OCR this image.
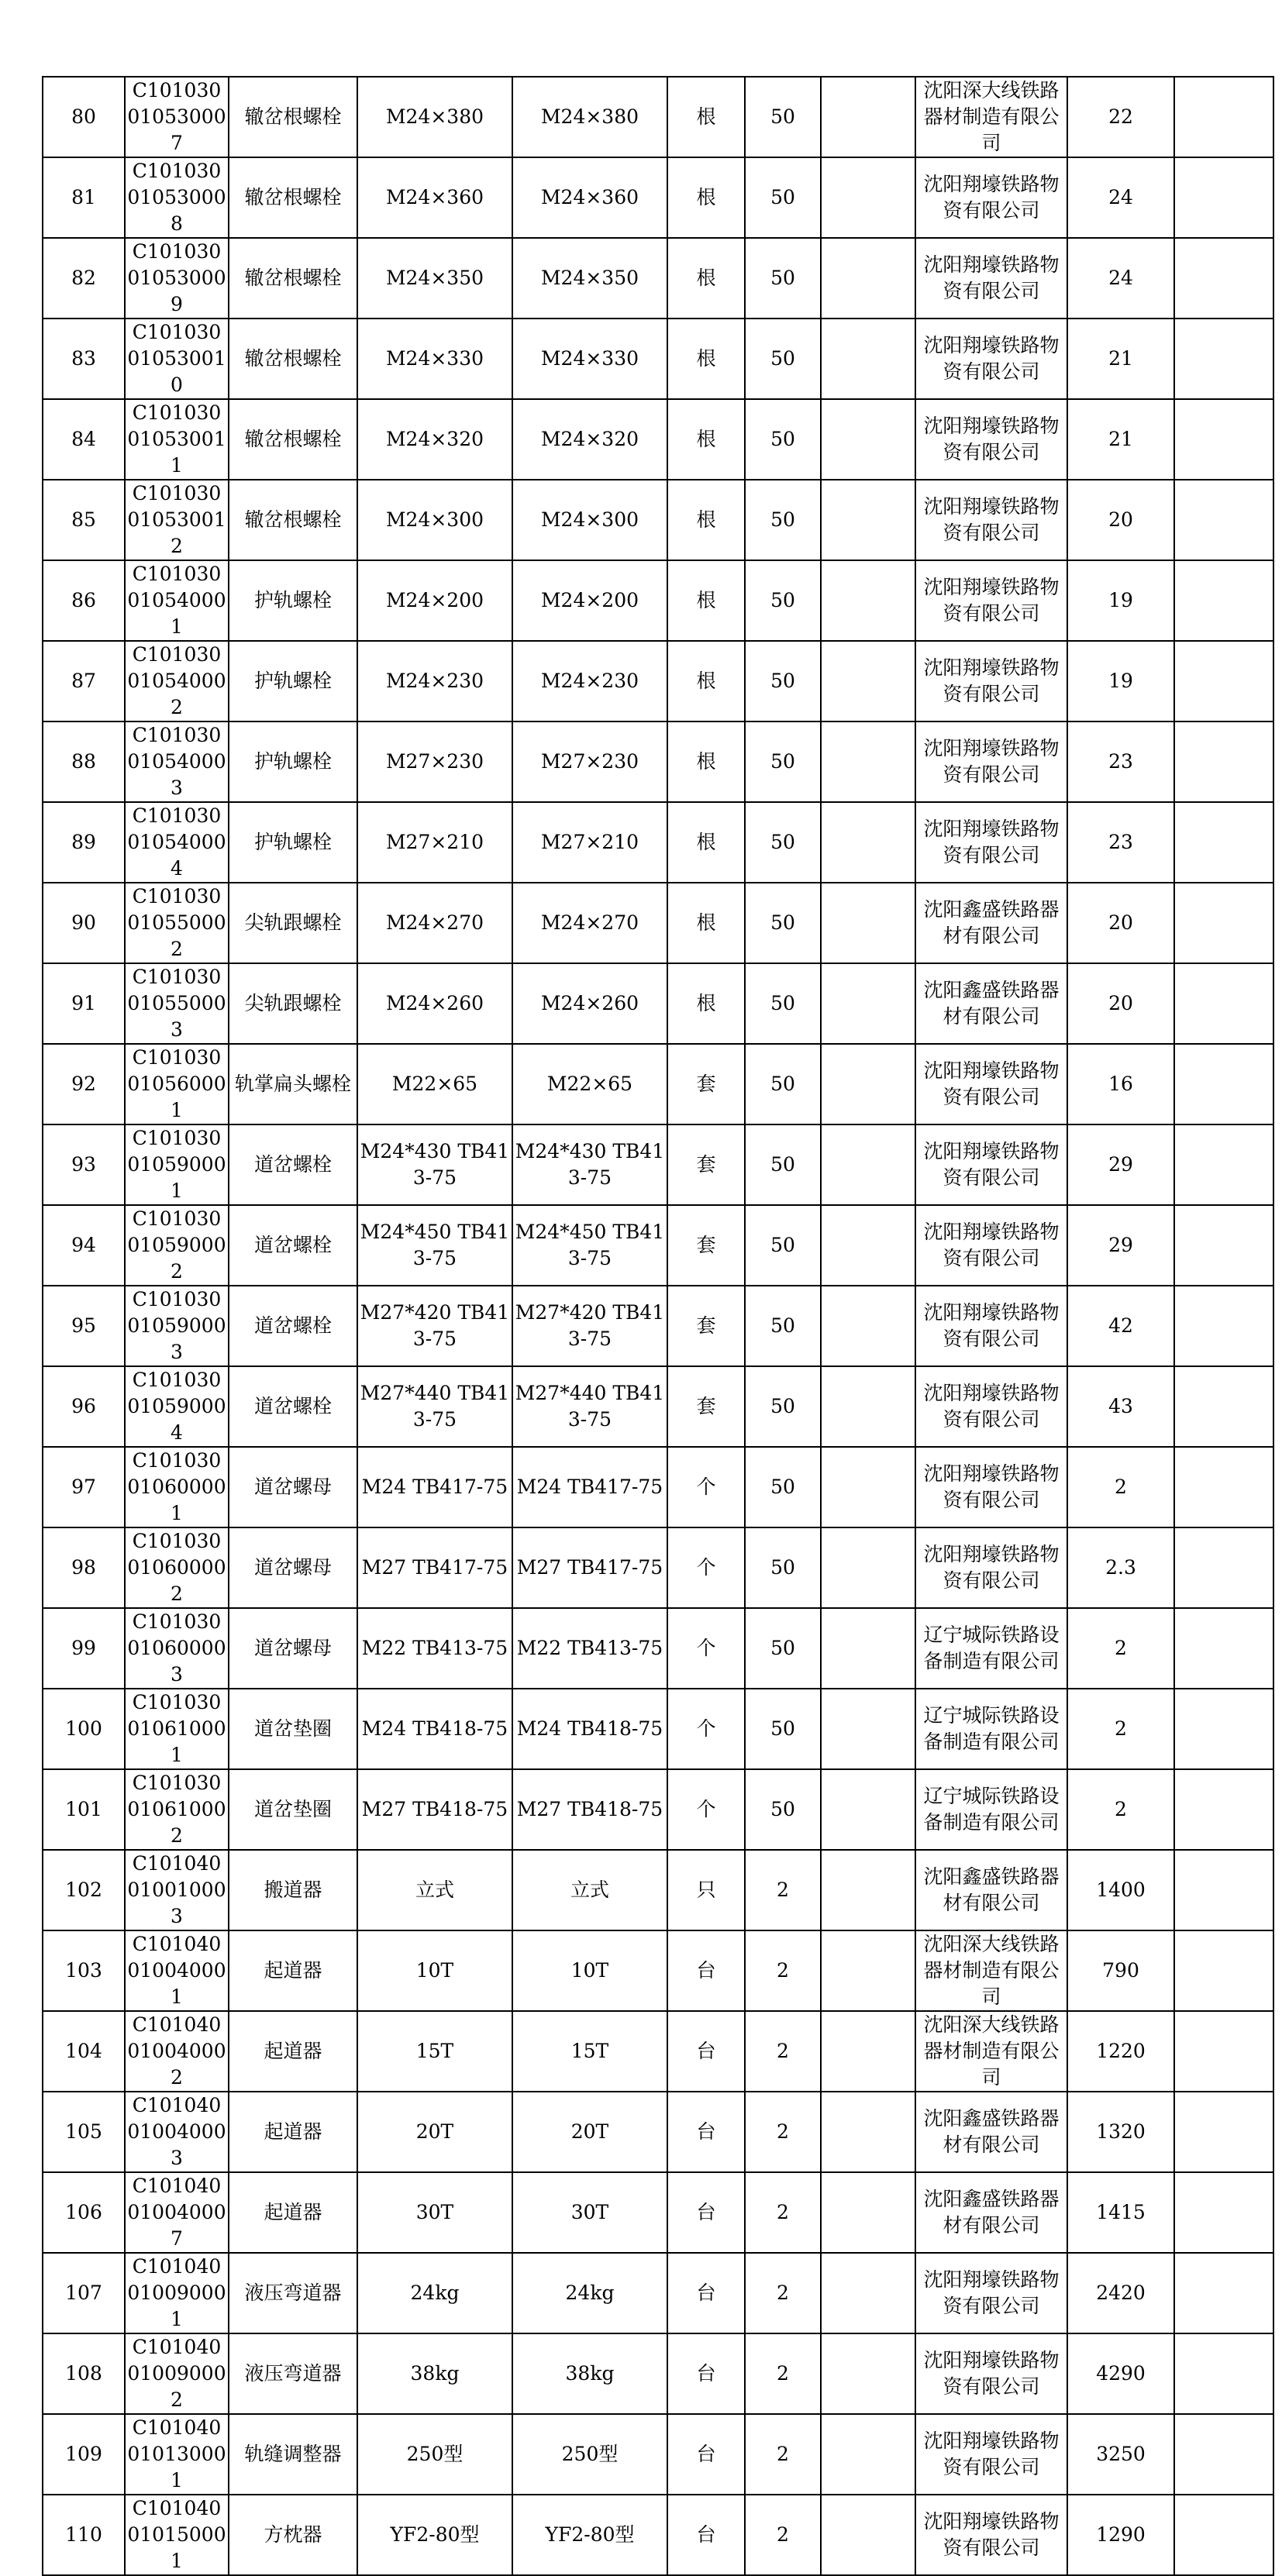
80	C101030010530007	辙岔根螺栓	M24×380	M24×380	根	50		沈阳深大线铁路器材制造有限公司	22	
81	C101030010530008	辙岔根螺栓	M24×360	M24×360	根	50		沈阳翔壕铁路物资有限公司	24	
82	C101030010530009	辙岔根螺栓	M24×350	M24×350	根	50		沈阳翔壕铁路物资有限公司	24	
83	C101030010530010	辙岔根螺栓	M24×330	M24×330	根	50		沈阳翔壕铁路物资有限公司	21	
84	C101030010530011	辙岔根螺栓	M24×320	M24×320	根	50		沈阳翔壕铁路物资有限公司	21	
85	C101030010530012	辙岔根螺栓	M24×300	M24×300	根	50		沈阳翔壕铁路物资有限公司	20	
86	C101030010540001	护轨螺栓	M24×200	M24×200	根	50		沈阳翔壕铁路物资有限公司	19	
87	C101030010540002	护轨螺栓	M24×230	M24×230	根	50		沈阳翔壕铁路物资有限公司	19	
88	C101030010540003	护轨螺栓	M27×230	M27×230	根	50		沈阳翔壕铁路物资有限公司	23	
89	C101030010540004	护轨螺栓	M27×210	M27×210	根	50		沈阳翔壕铁路物资有限公司	23	
90	C101030010550002	尖轨跟螺栓	M24×270	M24×270	根	50		沈阳鑫盛铁路器材有限公司	20	
91	C101030010550003	尖轨跟螺栓	M24×260	M24×260	根	50		沈阳鑫盛铁路器材有限公司	20	
92	C101030010560001	轨掌扁头螺栓	M22×65	M22×65	套	50		沈阳翔壕铁路物资有限公司	16	
93	C101030010590001	道岔螺栓	M24*430 TB413-75	M24*430 TB413-75	套	50		沈阳翔壕铁路物资有限公司	29	
94	C101030010590002	道岔螺栓	M24*450 TB413-75	M24*450 TB413-75	套	50		沈阳翔壕铁路物资有限公司	29	
95	C101030010590003	道岔螺栓	M27*420 TB413-75	M27*420 TB413-75	套	50		沈阳翔壕铁路物资有限公司	42	
96	C101030010590004	道岔螺栓	M27*440 TB413-75	M27*440 TB413-75	套	50		沈阳翔壕铁路物资有限公司	43	
97	C101030010600001	道岔螺母	M24 TB417-75	M24 TB417-75	个	50		沈阳翔壕铁路物资有限公司	2	
98	C101030010600002	道岔螺母	M27 TB417-75	M27 TB417-75	个	50		沈阳翔壕铁路物资有限公司	2.3	
99	C101030010600003	道岔螺母	M22 TB413-75	M22 TB413-75	个	50		辽宁城际铁路设备制造有限公司	2	
100	C101030010610001	道岔垫圈	M24 TB418-75	M24 TB418-75	个	50		辽宁城际铁路设备制造有限公司	2	
101	C101030010610002	道岔垫圈	M27 TB418-75	M27 TB418-75	个	50		辽宁城际铁路设备制造有限公司	2	
102	C101040010010003	搬道器	立式	立式	只	2		沈阳鑫盛铁路器材有限公司	1400	
103	C101040010040001	起道器	10T	10T	台	2		沈阳深大线铁路器材制造有限公司	790	
104	C101040010040002	起道器	15T	15T	台	2		沈阳深大线铁路器材制造有限公司	1220	
105	C101040010040003	起道器	20T	20T	台	2		沈阳鑫盛铁路器材有限公司	1320	
106	C101040010040007	起道器	30T	30T	台	2		沈阳鑫盛铁路器材有限公司	1415	
107	C101040010090001	液压弯道器	24kg	24kg	台	2		沈阳翔壕铁路物资有限公司	2420	
108	C101040010090002	液压弯道器	38kg	38kg	台	2		沈阳翔壕铁路物资有限公司	4290	
109	C101040010130001	轨缝调整器	250型	250型	台	2		沈阳翔壕铁路物资有限公司	3250	
110	C101040010150001	方枕器	YF2-80型	YF2-80型	台	2		沈阳翔壕铁路物资有限公司	1290	
